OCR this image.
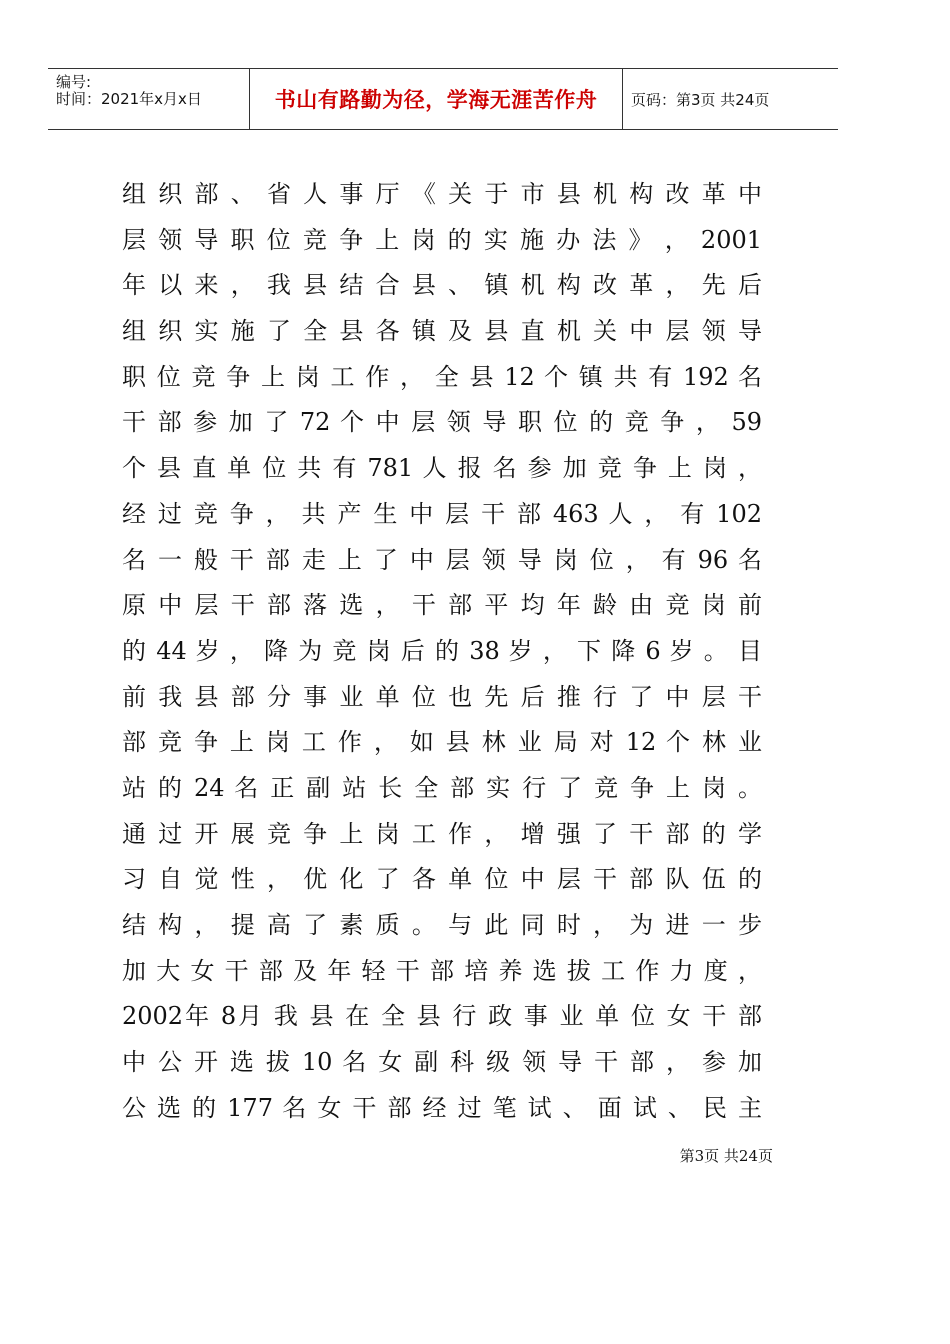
编号:
时间：2021年x月x日	书山有路勤为径，学海无涯苦作舟 页码：第3页 共24页
组 织 部 、 省 人 事 厅 《 关 于 市 县 机 构 改 革 中
层 领 导 职 位 竞 争 上 岗 的 实 施 办 法 》 ， 2001
年 以 来 ， 我 县 结 合 县 、 镇 机 构 改 革 ， 先 后
组 织 实 施 了 全 县 各 镇 及 县 直 机 关 中 层 领 导
职 位 竞 争 上 岗 工 作 ， 全 县 12 个 镇 共 有 192 名
干 部 参 加 了 72 个 中 层 领 导 职 位 的 竞 争 ， 59
个 县 直 单 位 共 有 781 人 报 名 参 加 竞 争 上 岗 ，
经 过 竞 争 ， 共 产 生 中 层 干 部 463 人 ， 有 102
名 一 般 干 部 走 上 了 中 层 领 导 岗 位 ， 有 96 名
原 中 层 干 部 落 选 ， 干 部 平 均 年 龄 由 竞 岗 前
的 44 岁 ， 降 为 竞 岗 后 的 38 岁 ， 下 降 6 岁 。 目
前 我 县 部 分 事 业 单 位 也 先 后 推 行 了 中 层 干
部 竞 争 上 岗 工 作 ， 如 县 林 业 局 对 12 个 林 业
站 的 24 名 正 副 站 长 全 部 实 行 了 竞 争 上 岗 。
通 过 开 展 竞 争 上 岗 工 作 ， 增 强 了 干 部 的 学
习 自 觉 性 ， 优 化 了 各 单 位 中 层 干 部 队 伍 的
结 构 ， 提 高 了 素 质 。 与 此 同 时 ， 为 进 一 步
加 大 女 干 部 及 年 轻 干 部 培 养 选 拔 工 作 力 度 ，
2002年 8月 我 县 在 全 县 行 政 事 业 单 位 女 干 部
中 公 开 选 拔 10 名 女 副 科 级 领 导 干 部 ， 参 加
公 选 的 177 名 女 干 部 经 过 笔 试 、 面 试 、 民 主
第3页 共24页
